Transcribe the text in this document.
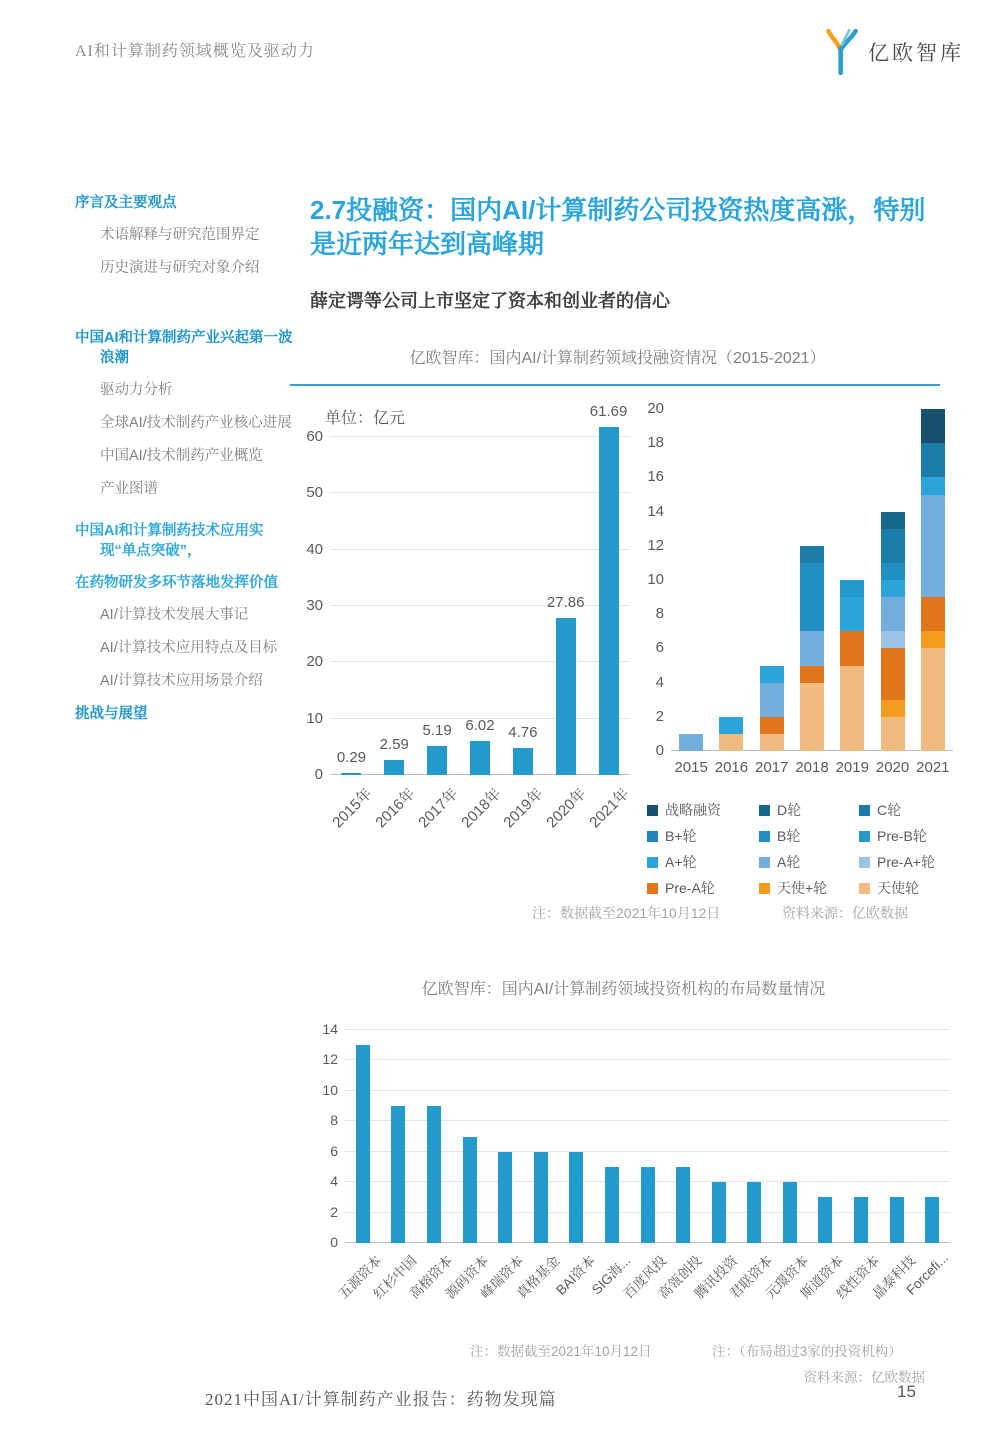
AI和计算制药领域概览及驱动力	亿欧智库
序言及主要观点
术语解释与研究范围界定
历史演进与研究对象介绍
中国AI和计算制药产业兴起第一波浪潮
驱动力分析
全球AI/技术制药产业核心进展
中国AI/技术制药产业概览
产业图谱
中国AI和计算制药技术应用实现“单点突破”，
在药物研发多环节落地发挥价值
AI/计算技术发展大事记
AI/计算技术应用特点及目标
AI/计算技术应用场景介绍
挑战与展望
2.7投融资：国内AI/计算制药公司投资热度高涨，特别是近两年达到高峰期
薛定谔等公司上市坚定了资本和创业者的信心
亿欧智库：国内AI/计算制药领域投融资情况（2015-2021）
单位：亿元
0
10
20
30
40
50
60
0.29
2015年
2.59
2016年
5.19
2017年
6.02
2018年
4.76
2019年
27.86
2020年
61.69
2021年 战略融资	D轮	C轮
B+轮	B轮	Pre-B轮
A+轮	A轮	Pre-A+轮
Pre-A轮	天使+轮	天使轮
0
2
4
6
8
10
12
14
16
18
20
2015 2016 2017 2018 2019 2020 2021
注：数据截至2021年10月12日	资料来源：亿欧数据
亿欧智库：国内AI/计算制药领域投资机构的布局数量情况
注：数据截至2021年10月12日	注：（布局超过3家的投资机构）
资料来源：亿欧数据
0
2
4
6
8
10
12
14
五源资本
红杉中国
高榕资本
源码资本
峰瑞资本
真格基金
BAI资本
SIG海...
百度风投
高瓴创投
腾讯投资
君联资本
元璟资本
斯道资本
线性资本
晶泰科技
Forcefi...
2021中国AI/计算制药产业报告：药物发现篇	15
